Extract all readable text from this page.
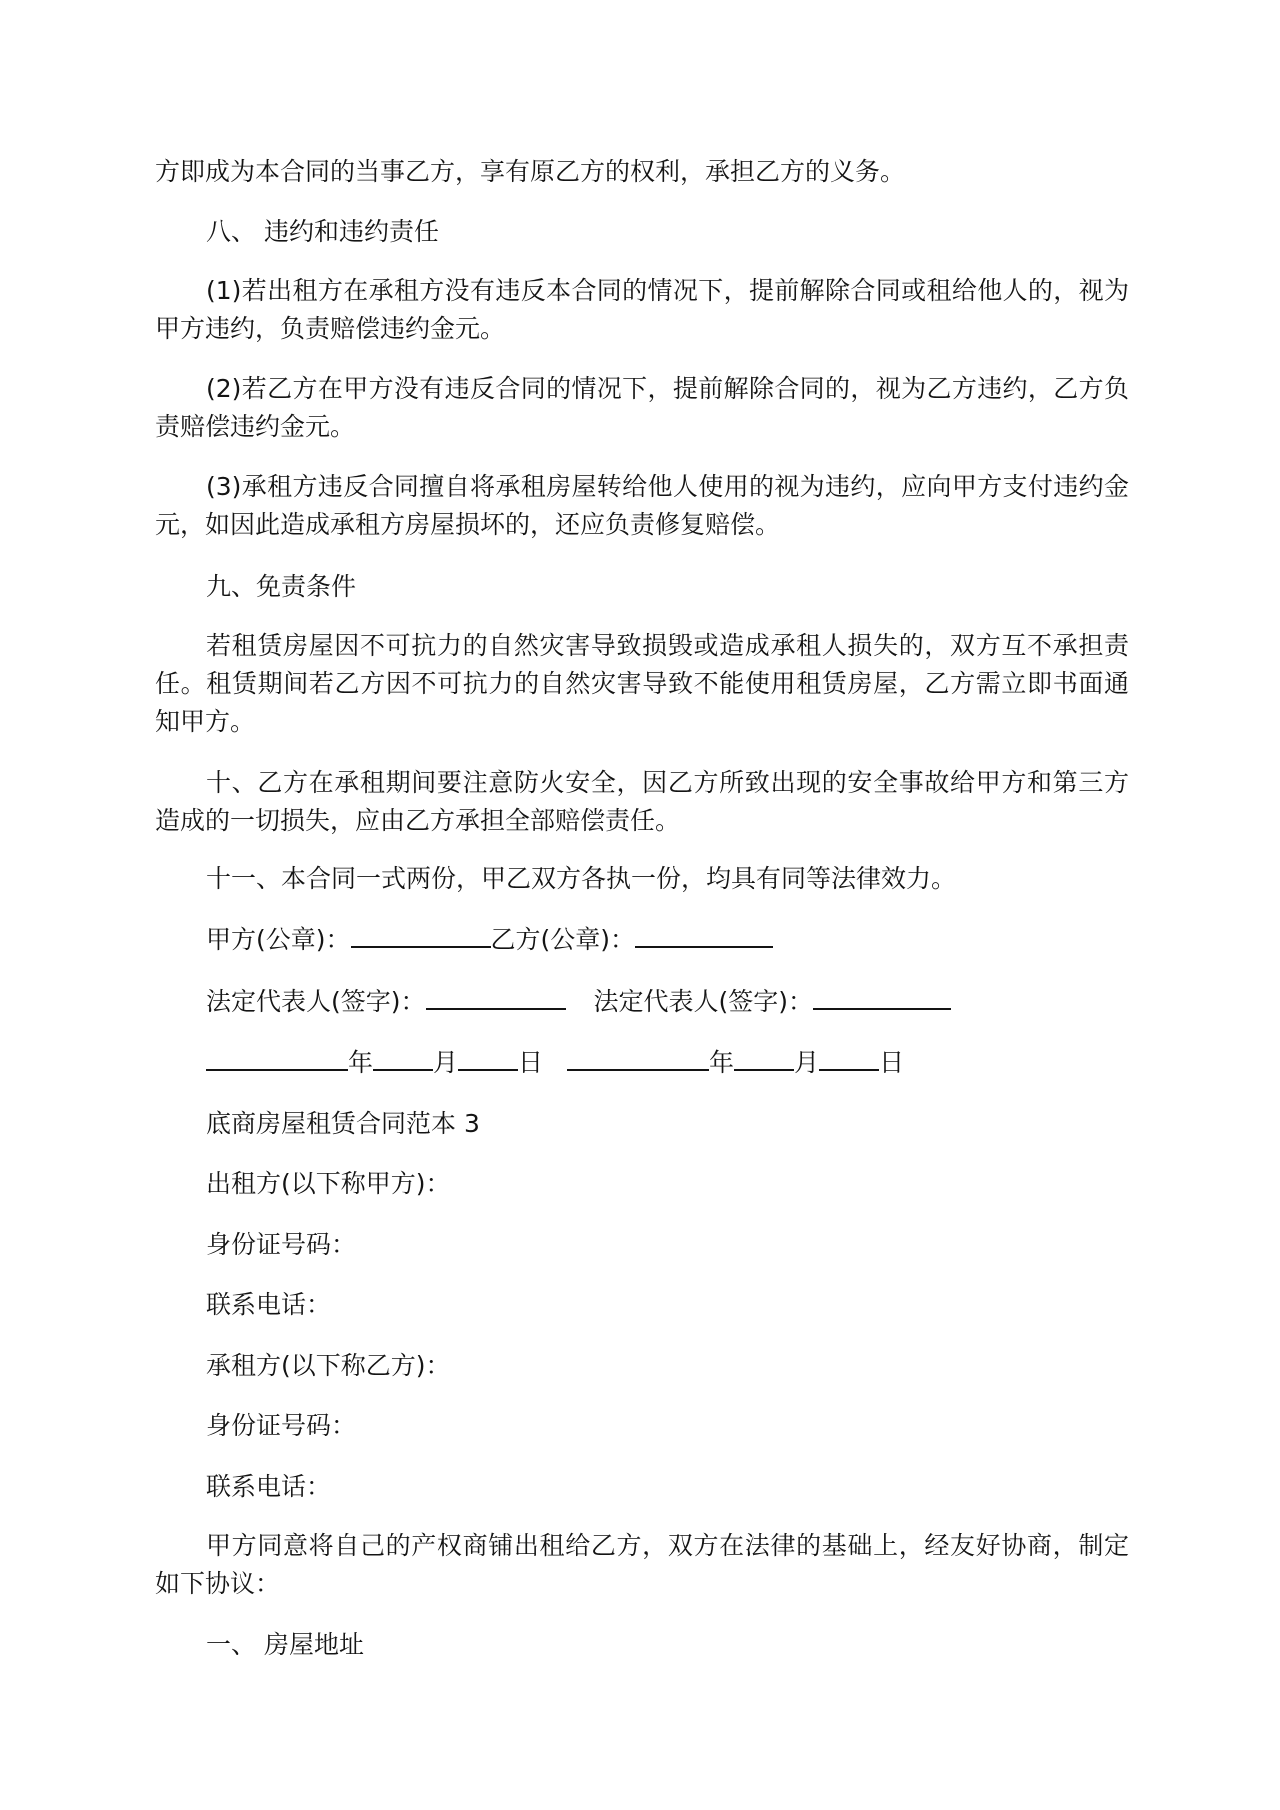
方即成为本合同的当事乙方，享有原乙方的权利，承担乙方的义务。
八、 违约和违约责任
(1)若出租方在承租方没有违反本合同的情况下，提前解除合同或租给他人的，视为甲方违约，负责赔偿违约金元。
(2)若乙方在甲方没有违反合同的情况下，提前解除合同的，视为乙方违约，乙方负责赔偿违约金元。
(3)承租方违反合同擅自将承租房屋转给他人使用的视为违约，应向甲方支付违约金元，如因此造成承租方房屋损坏的，还应负责修复赔偿。
九、免责条件
若租赁房屋因不可抗力的自然灾害导致损毁或造成承租人损失的，双方互不承担责任。租赁期间若乙方因不可抗力的自然灾害导致不能使用租赁房屋，乙方需立即书面通知甲方。
十、乙方在承租期间要注意防火安全，因乙方所致出现的安全事故给甲方和第三方造成的一切损失，应由乙方承担全部赔偿责任。
十一、本合同一式两份，甲乙双方各执一份，均具有同等法律效力。
甲方(公章)：	乙方(公章)：
法定代表人(签字)：	法定代表人(签字)：
年 月 日	年 月 日
底商房屋租赁合同范本 3
出租方(以下称甲方)：
身份证号码：
联系电话：
承租方(以下称乙方)：
身份证号码：
联系电话：
甲方同意将自己的产权商铺出租给乙方，双方在法律的基础上，经友好协商，制定如下协议：
一、 房屋地址
